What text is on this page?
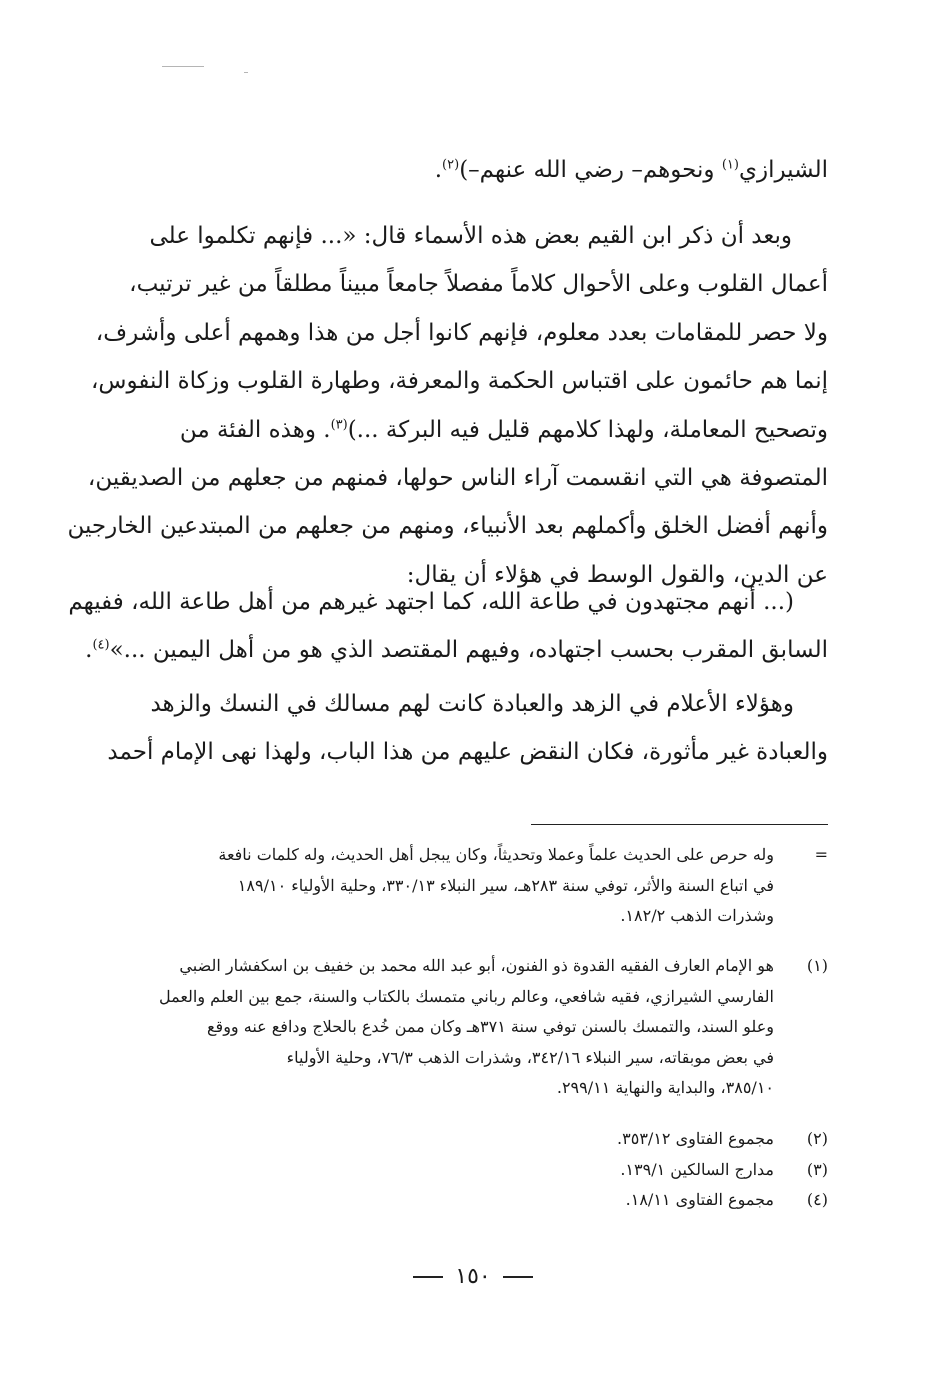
الشيرازي$^{(١)}$ ونحوهم– رضي الله عنهم–)$^{(٢)}$.

وبعد أن ذكر ابن القيم بعض هذه الأسماء قال: «... فإنهم تكلموا على
أعمال القلوب وعلى الأحوال كلاماً مفصلاً جامعاً مبيناً مطلقاً من غير ترتيب،
ولا حصر للمقامات بعدد معلوم، فإنهم كانوا أجل من هذا وهمهم أعلى وأشرف،
إنما هم حائمون على اقتباس الحكمة والمعرفة، وطهارة القلوب وزكاة النفوس،
وتصحيح المعاملة، ولهذا كلامهم قليل فيه البركة ...)$^{(٣)}$. وهذه الفئة من
المتصوفة هي التي انقسمت آراء الناس حولها، فمنهم من جعلهم من الصديقين،
وأنهم أفضل الخلق وأكملهم بعد الأنبياء، ومنهم من جعلهم من المبتدعين الخارجين
عن الدين، والقول الوسط في هؤلاء أن يقال:

(... أنهم مجتهدون في طاعة الله، كما اجتهد غيرهم من أهل طاعة الله، ففيهم
السابق المقرب بحسب اجتهاده، وفيهم المقتصد الذي هو من أهل اليمين ...»$^{(٤)}$.

وهؤلاء الأعلام في الزهد والعبادة كانت لهم مسالك في النسك والزهد
والعبادة غير مأثورة، فكان النقض عليهم من هذا الباب، ولهذا نهى الإمام أحمد

=
وله حرص على الحديث علماً وعملا وتحديثاً، وكان يبجل أهل الحديث، وله كلمات نافعة
في اتباع السنة والأثر، توفي سنة ٢٨٣هـ، سير النبلاء ٣٣٠/١٣، وحلية الأولياء ١٨٩/١٠
وشذرات الذهب ١٨٢/٢.
(١)
هو الإمام العارف الفقيه القدوة ذو الفنون، أبو عبد الله محمد بن خفيف بن اسكفشار الضبي
الفارسي الشيرازي، فقيه شافعي، وعالم رباني متمسك بالكتاب والسنة، جمع بين العلم والعمل
وعلو السند، والتمسك بالسنن توفي سنة ٣٧١هـ وكان ممن خُدع بالحلاج ودافع عنه ووقع
في بعض موبقاته، سير النبلاء ٣٤٢/١٦، وشذرات الذهب ٧٦/٣، وحلية الأولياء
٣٨٥/١٠، والبداية والنهاية ٢٩٩/١١.
(٢)
مجموع الفتاوى ٣٥٣/١٢.
(٣)
مدارج السالكين ١٣٩/١.
(٤)
مجموع الفتاوى ١٨/١١.
١٥٠
